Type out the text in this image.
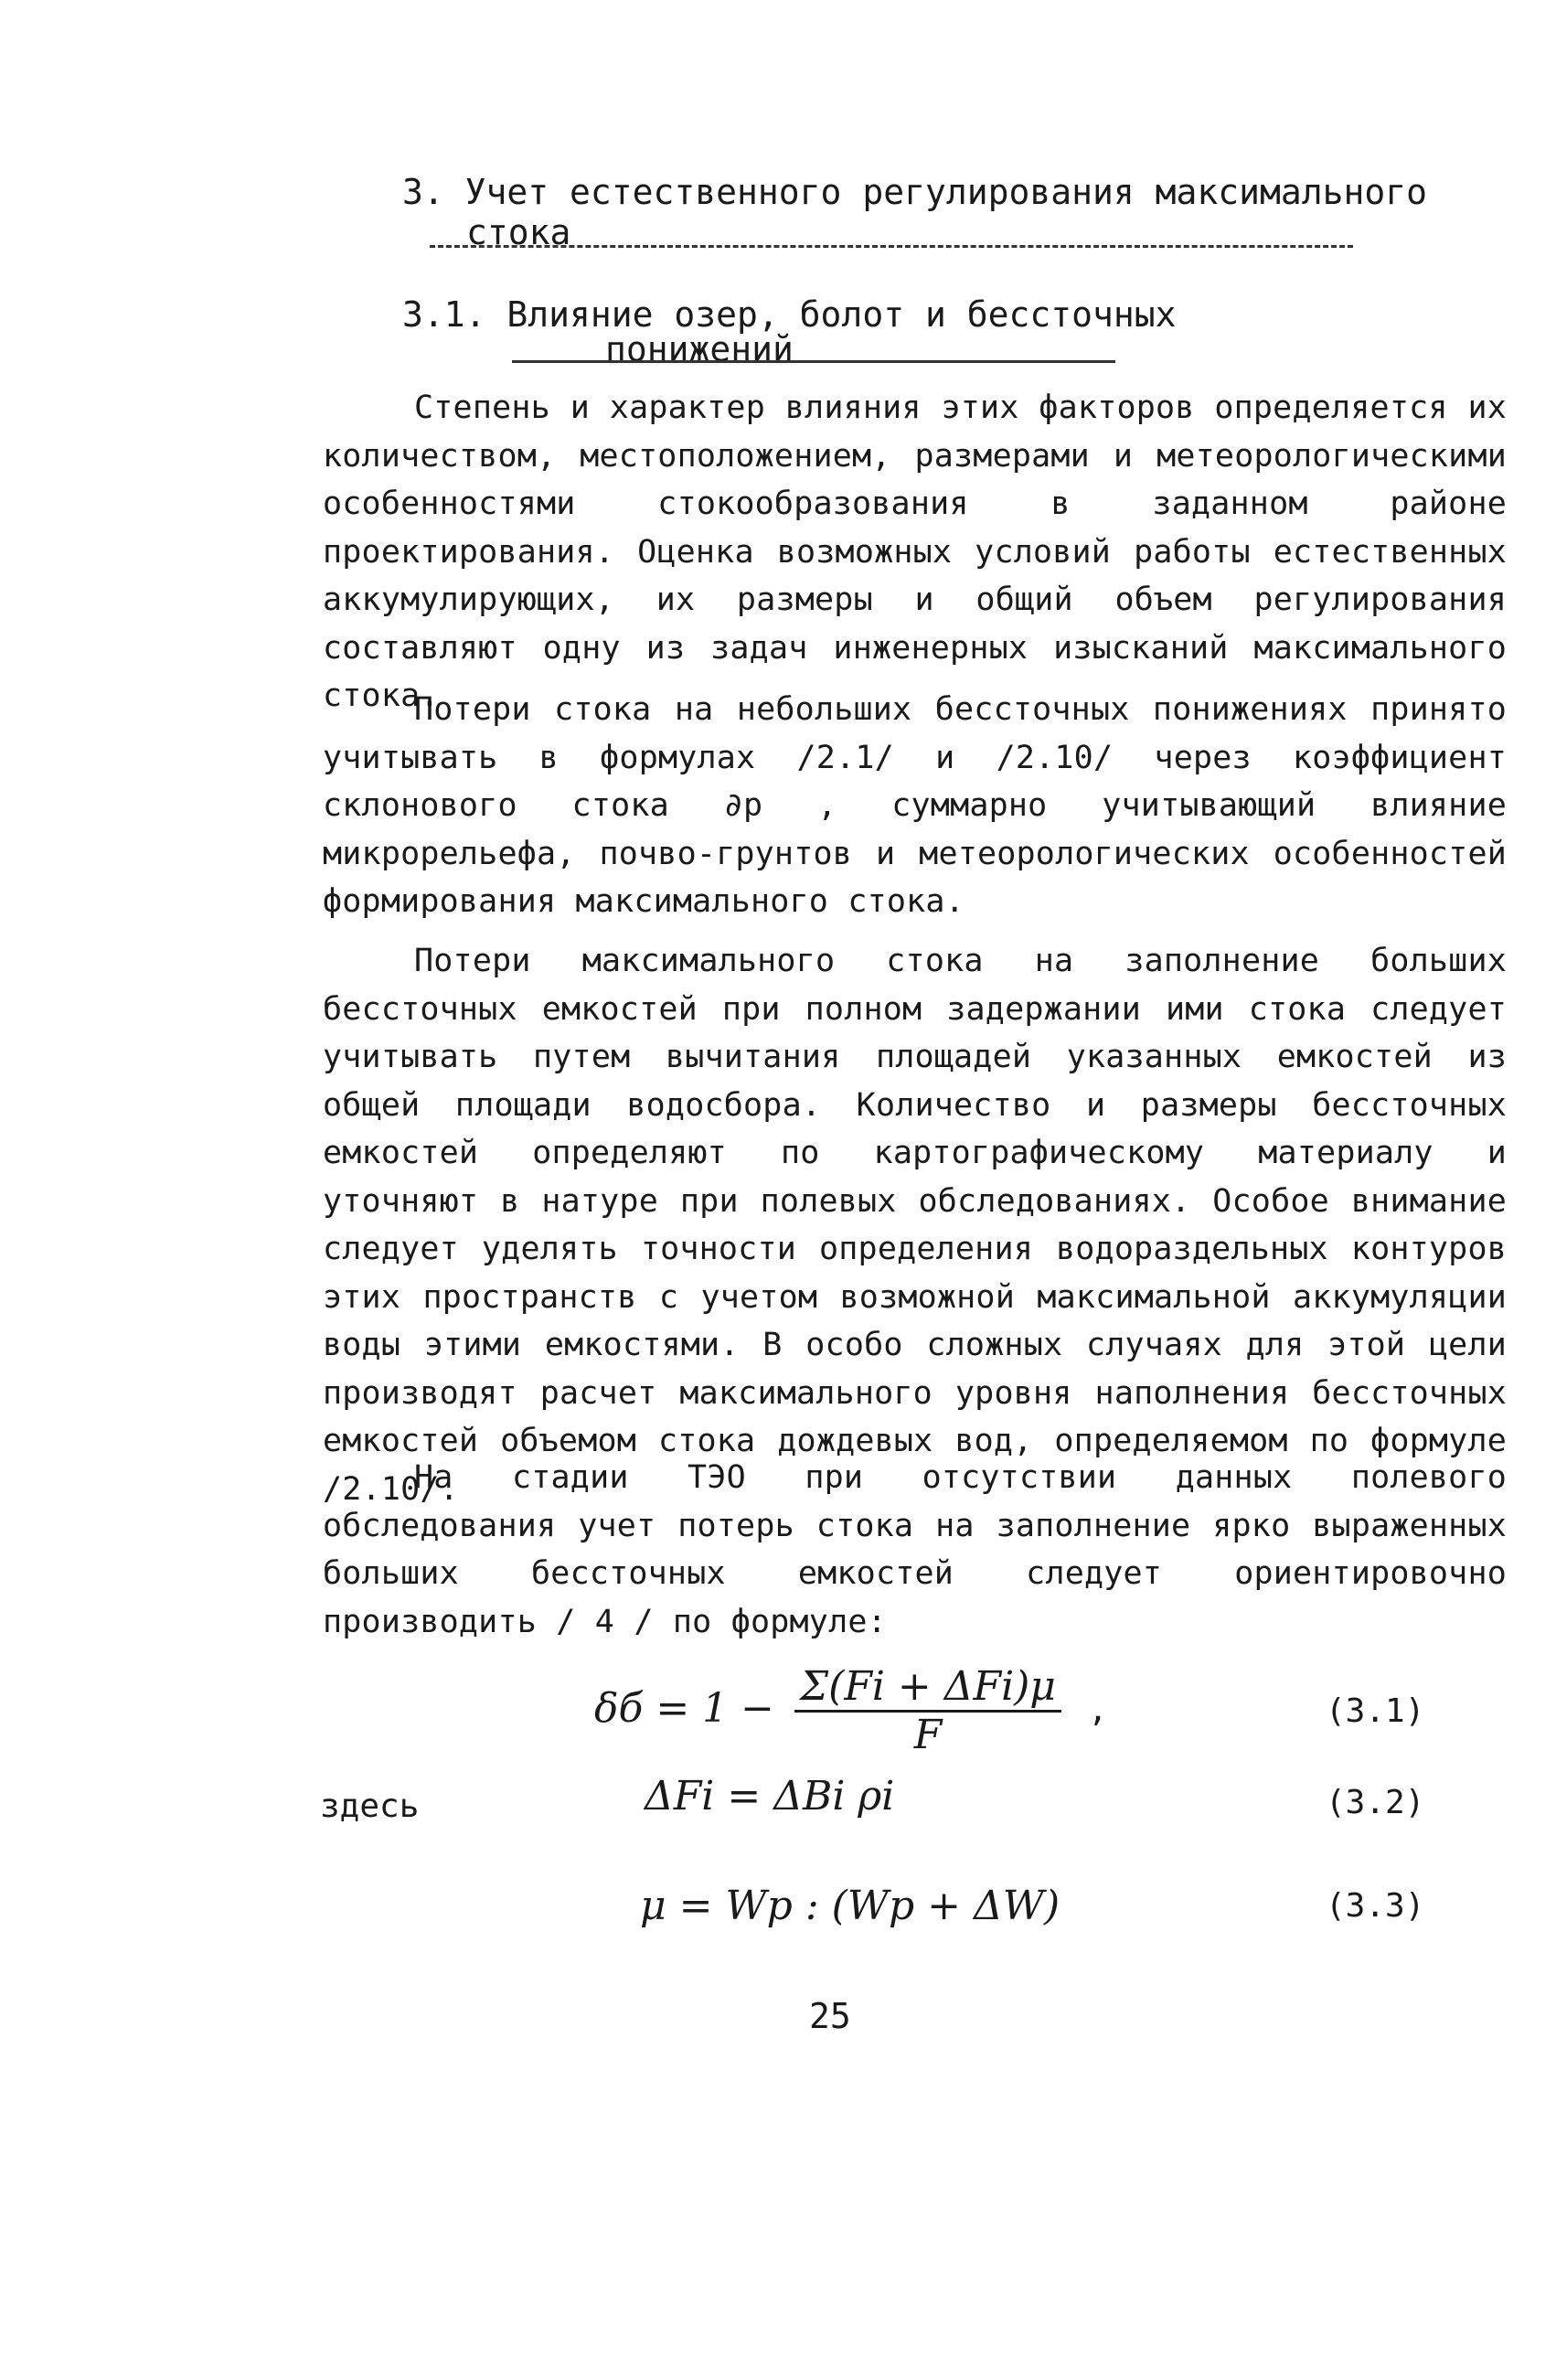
3. Учет естественного регулирования максимального
стока
3.1. Влияние озер, болот и бессточных
понижений
Степень и характер влияния этих факторов определяется их количеством, местоположением, размерами и метеорологическими особенностями стокообразования в заданном районе проектирования. Оценка возможных условий работы естественных аккумулирующих, их размеры и общий объем регулирования составляют одну из задач инженерных изысканий максимального стока.
Потери стока на небольших бессточных понижениях принято учитывать в формулах /2.1/ и /2.10/ через коэффициент склонового стока ∂p , суммарно учитывающий влияние микрорельефа, почво-грунтов и метеорологических особенностей формирования максимального стока.
Потери максимального стока на заполнение больших бессточных емкостей при полном задержании ими стока следует учитывать путем вычитания площадей указанных емкостей из общей площади водосбора. Количество и размеры бессточных емкостей определяют по картографическому материалу и уточняют в натуре при полевых обследованиях. Особое внимание следует уделять точности определения водораздельных контуров этих пространств с учетом возможной максимальной аккумуляции воды этими емкостями. В особо сложных случаях для этой цели производят расчет максимального уровня наполнения бессточных емкостей объемом стока дождевых вод, определяемом по формуле /2.10/.
На стадии ТЭО при отсутствии данных полевого обследования учет потерь стока на заполнение ярко выраженных больших бессточных емкостей следует ориентировочно производить / 4 / по формуле:
$\delta б = 1 - \frac{\text{Σ(Fi + ΔFi)μ}}{F}$ ,	(3.1)
здесь	ΔFi = ΔBi ρi	(3.2)
μ = Wp : (Wp + ΔW)	(3.3)
25
